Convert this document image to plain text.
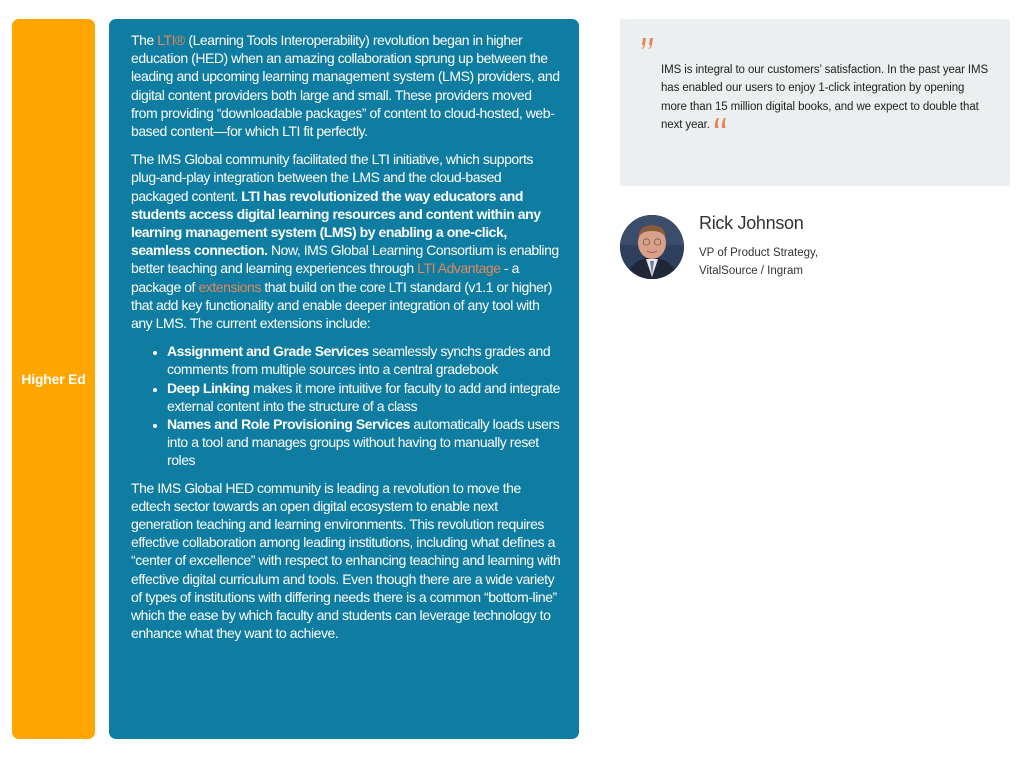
Higher Ed

The LTI® (Learning Tools Interoperability) revolution began in higher education (HED) when an amazing collaboration sprung up between the leading and upcoming learning management system (LMS) providers, and digital content providers both large and small. These providers moved from providing “downloadable packages” of content to cloud-hosted, web-based content—for which LTI fit perfectly.

The IMS Global community facilitated the LTI initiative, which supports plug-and-play integration between the LMS and the cloud-based packaged content. LTI has revolutionized the way educators and students access digital learning resources and content within any learning management system (LMS) by enabling a one-click, seamless connection. Now, IMS Global Learning Consortium is enabling better teaching and learning experiences through LTI Advantage - a package of extensions that build on the core LTI standard (v1.1 or higher) that add key functionality and enable deeper integration of any tool with any LMS. The current extensions include:

• Assignment and Grade Services seamlessly synchs grades and comments from multiple sources into a central gradebook
• Deep Linking makes it more intuitive for faculty to add and integrate external content into the structure of a class
• Names and Role Provisioning Services automatically loads users into a tool and manages groups without having to manually reset roles

The IMS Global HED community is leading a revolution to move the edtech sector towards an open digital ecosystem to enable next generation teaching and learning environments. This revolution requires effective collaboration among leading institutions, including what defines a “center of excellence” with respect to enhancing teaching and learning with effective digital curriculum and tools. Even though there are a wide variety of types of institutions with differing needs there is a common “bottom-line” which the ease by which faculty and students can leverage technology to enhance what they want to achieve.

IMS is integral to our customers’ satisfaction. In the past year IMS has enabled our users to enjoy 1-click integration by opening more than 15 million digital books, and we expect to double that next year.
Rick Johnson
VP of Product Strategy,
VitalSource / Ingram
